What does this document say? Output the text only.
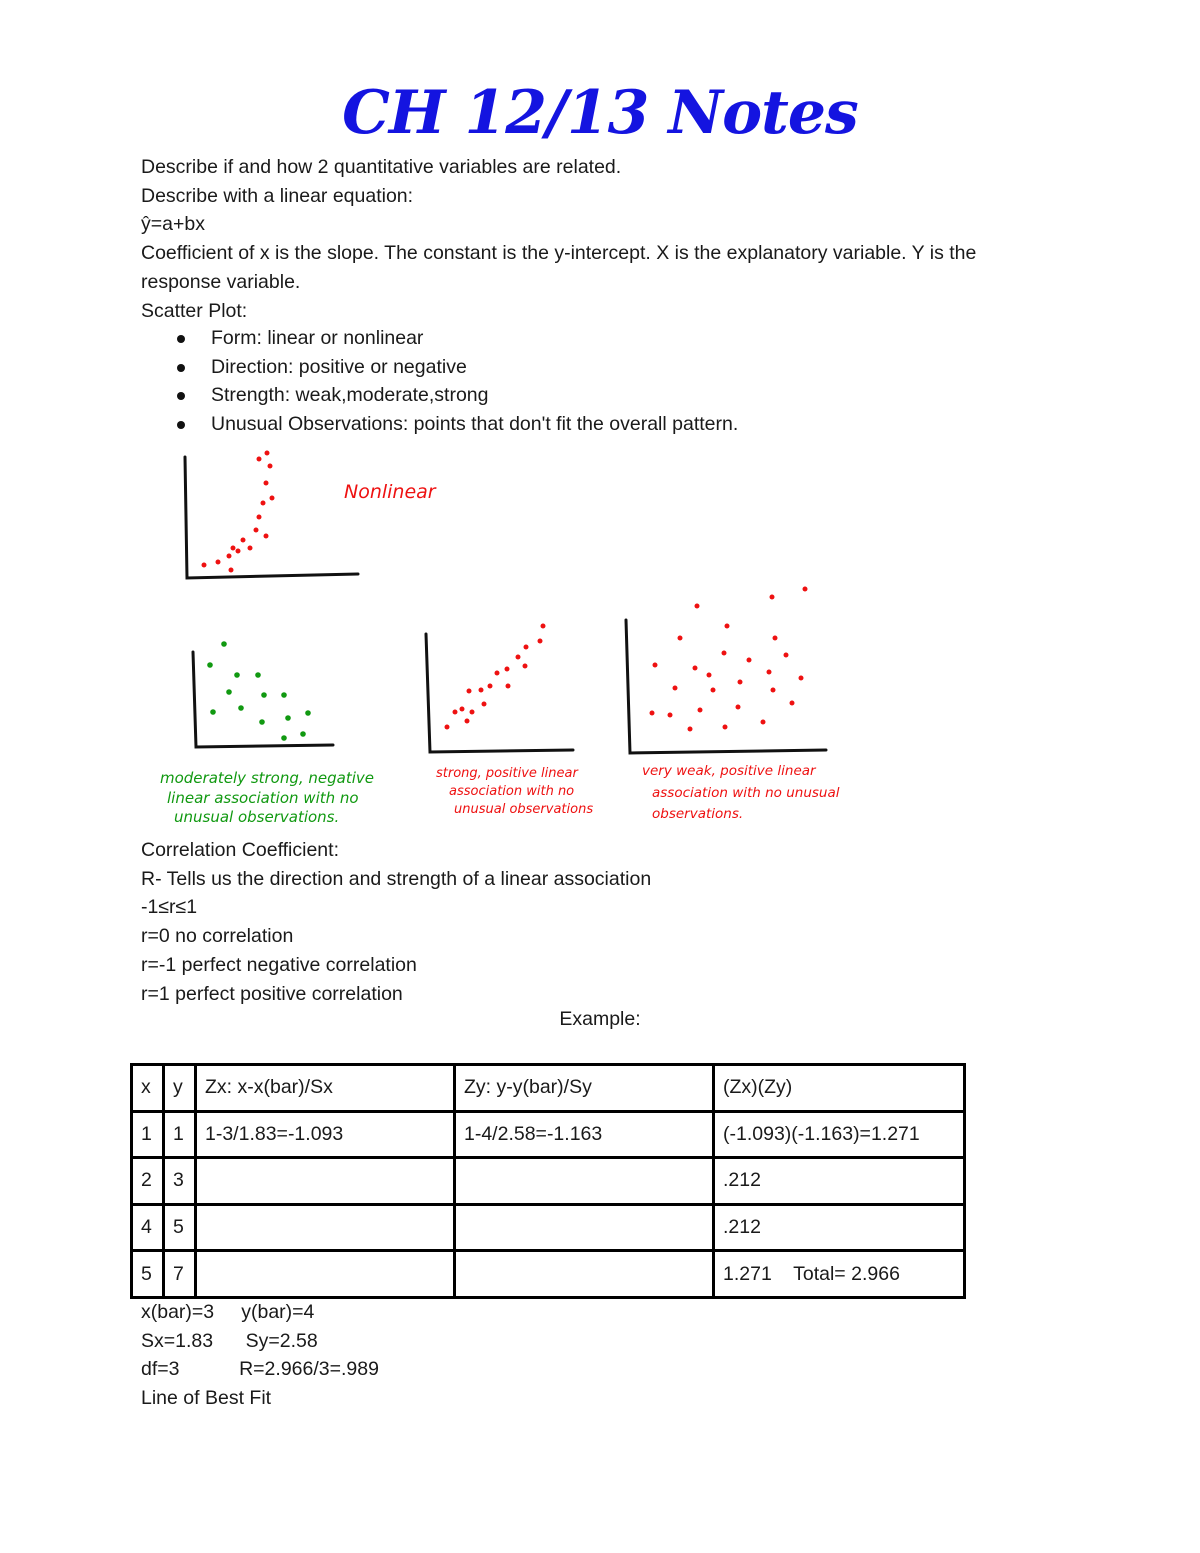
CH 12/13 Notes

Describe if and how 2 quantitative variables are related.

Describe with a linear equation:

ŷ=a+bx

Coefficient of x is the slope. The constant is the y-intercept. X is the explanatory variable. Y is the response variable.

Scatter Plot:

Form: linear or nonlinear
Direction: positive or negative
Strength: weak,moderate,strong
Unusual Observations: points that don't fit the overall pattern.
Nonlinear
moderately strong, negative
linear association with no
unusual observations.
strong, positive linear
association with no
unusual observations
very weak, positive linear
association with no unusual
observations.

Correlation Coefficient:

R- Tells us the direction and strength of a linear association

-1≤r≤1

r=0 no correlation

r=-1 perfect negative correlation

r=1 perfect positive correlation

Example:
x	y	Zx: x-x(bar)/Sx	Zy: y-y(bar)/Sy	(Zx)(Zy)
1	1	1-3/1.83=-1.093	1-4/2.58=-1.163	(-1.093)(-1.163)=1.271
2	3			.212
4	5			.212
5	7			1.271    Total= 2.966

x(bar)=3     y(bar)=4

Sx=1.83      Sy=2.58

df=3           R=2.966/3=.989

Line of Best Fit
